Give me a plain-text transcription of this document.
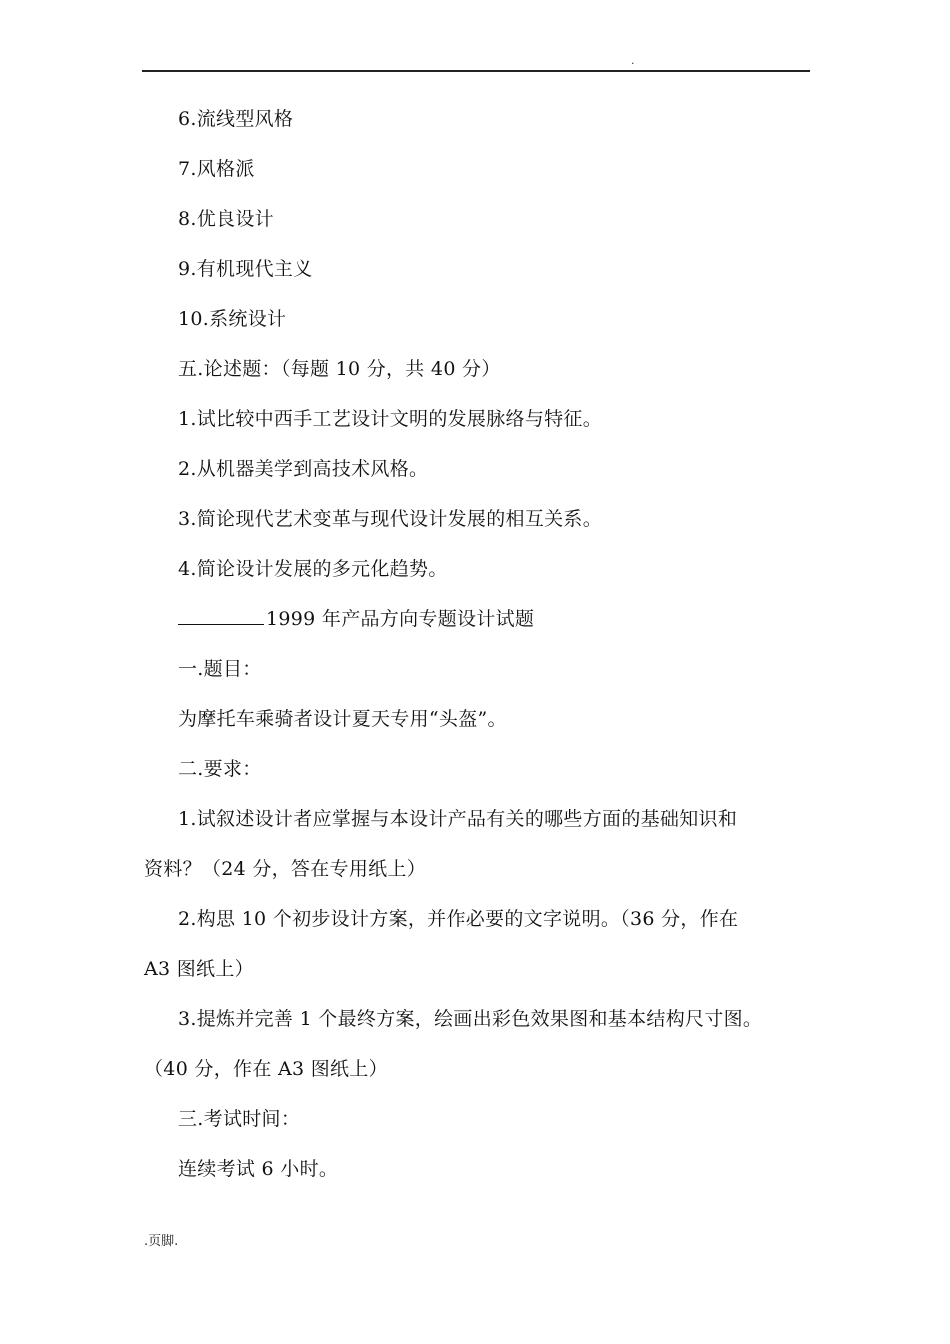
.
6.流线型风格
7.风格派
8.优良设计
9.有机现代主义
10.系统设计
五.论述题：（每题 10 分，共 40 分）
1.试比较中西手工艺设计文明的发展脉络与特征。
2.从机器美学到高技术风格。
3.简论现代艺术变革与现代设计发展的相互关系。
4.简论设计发展的多元化趋势。
1999 年产品方向专题设计试题
一.题目：
为摩托车乘骑者设计夏天专用“头盔”。
二.要求：
1.试叙述设计者应掌握与本设计产品有关的哪些方面的基础知识和
资料？（24 分，答在专用纸上）
2.构思 10 个初步设计方案，并作必要的文字说明。（36 分，作在
A3 图纸上）
3.提炼并完善 1 个最终方案，绘画出彩色效果图和基本结构尺寸图。
（40 分，作在 A3 图纸上）
三.考试时间：
连续考试 6 小时。
.页脚.
